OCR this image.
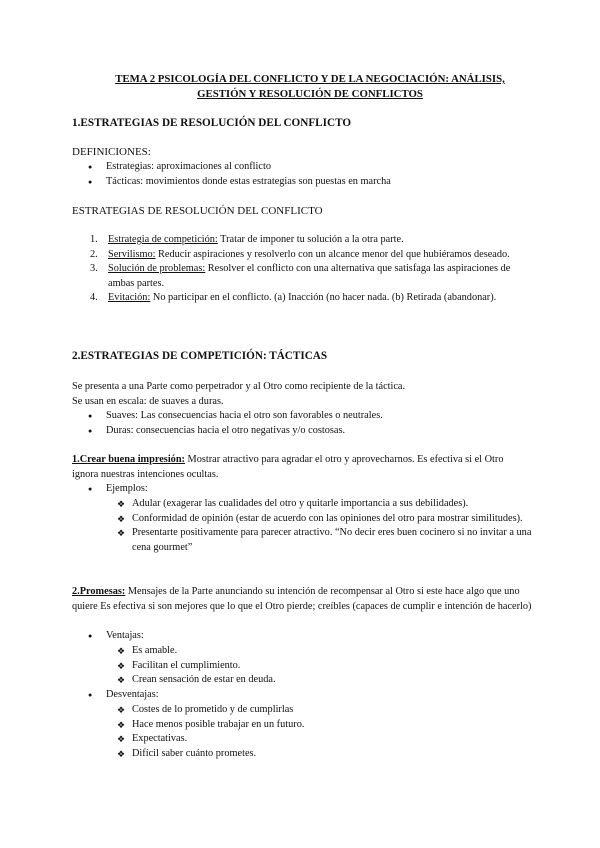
TEMA 2 PSICOLOGÍA DEL CONFLICTO Y DE LA NEGOCIACIÓN: ANÁLISIS,
GESTIÓN Y RESOLUCIÓN DE CONFLICTOS
1.ESTRATEGIAS DE RESOLUCIÓN DEL CONFLICTO
DEFINICIONES:
● Estrategias: aproximaciones al conflicto
● Tácticas: movimientos donde estas estrategias son puestas en marcha
ESTRATEGIAS DE RESOLUCIÓN DEL CONFLICTO
1. Estrategia de competición: Tratar de imponer tu solución a la otra parte.
2. Servilismo: Reducir aspiraciones y resolverlo con un alcance menor del que hubiéramos deseado.
3. Solución de problemas: Resolver el conflicto con una alternativa que satisfaga las aspiraciones de ambas partes.
4. Evitación: No participar en el conflicto. (a) Inacción (no hacer nada. (b) Retirada (abandonar).
2.ESTRATEGIAS DE COMPETICIÓN: TÁCTICAS
Se presenta a una Parte como perpetrador y al Otro como recipiente de la táctica.
Se usan en escala: de suaves a duras.
● Suaves: Las consecuencias hacia el otro son favorables o neutrales.
● Duras: consecuencias hacia el otro negativas y/o costosas.
1.Crear buena impresión: Mostrar atractivo para agradar el otro y aprovecharnos. Es efectiva si el Otro ignora nuestras intenciones ocultas.
● Ejemplos:
❖ Adular (exagerar las cualidades del otro y quitarle importancia a sus debilidades).
❖ Conformidad de opinión (estar de acuerdo con las opiniones del otro para mostrar similitudes).
❖ Presentarte positivamente para parecer atractivo. “No decir eres buen cocinero si no invitar a una cena gourmet”
2.Promesas: Mensajes de la Parte anunciando su intención de recompensar al Otro si este hace algo que uno quiere Es efectiva si son mejores que lo que el Otro pierde; creíbles (capaces de cumplir e intención de hacerlo)
● Ventajas:
❖ Es amable.
❖ Facilitan el cumplimiento.
❖ Crean sensación de estar en deuda.
● Desventajas:
❖ Costes de lo prometido y de cumplirlas
❖ Hace menos posible trabajar en un futuro.
❖ Expectativas.
❖ Difícil saber cuánto prometes.
